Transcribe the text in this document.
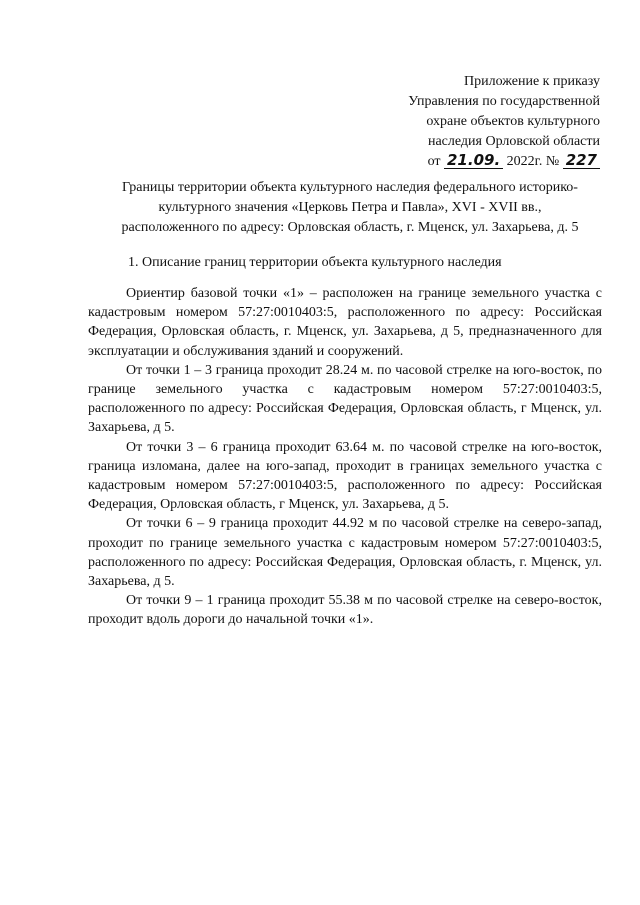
Приложение к приказу
Управления по государственной
охране объектов культурного
наследия Орловской области
от 21.09. 2022г. № 227
Границы территории объекта культурного наследия федерального историко-
культурного значения «Церковь Петра и Павла», XVI - XVII вв.,
расположенного по адресу: Орловская область, г. Мценск, ул. Захарьева, д. 5
1. Описание границ территории объекта культурного наследия

Ориентир базовой точки «1» – расположен на границе земельного участка с кадастровым номером 57:27:0010403:5, расположенного по адресу: Российская Федерация, Орловская область, г. Мценск, ул. Захарьева, д 5, предназначенного для эксплуатации и обслуживания зданий и сооружений.

От точки 1 – 3 граница проходит 28.24 м. по часовой стрелке на юго-восток, по границе земельного участка с кадастровым номером 57:27:0010403:5, расположенного по адресу: Российская Федерация, Орловская область, г Мценск, ул. Захарьева, д 5.

От точки 3 – 6 граница проходит 63.64 м. по часовой стрелке на юго-восток, граница изломана, далее на юго-запад, проходит в границах земельного участка с кадастровым номером 57:27:0010403:5, расположенного по адресу: Российская Федерация, Орловская область, г Мценск, ул. Захарьева, д 5.

От точки 6 – 9 граница проходит 44.92 м по часовой стрелке на северо-запад, проходит по границе земельного участка с кадастровым номером 57:27:0010403:5, расположенного по адресу: Российская Федерация, Орловская область, г. Мценск, ул. Захарьева, д 5.

От точки 9 – 1 граница проходит 55.38 м по часовой стрелке на северо-восток, проходит вдоль дороги до начальной точки «1».
